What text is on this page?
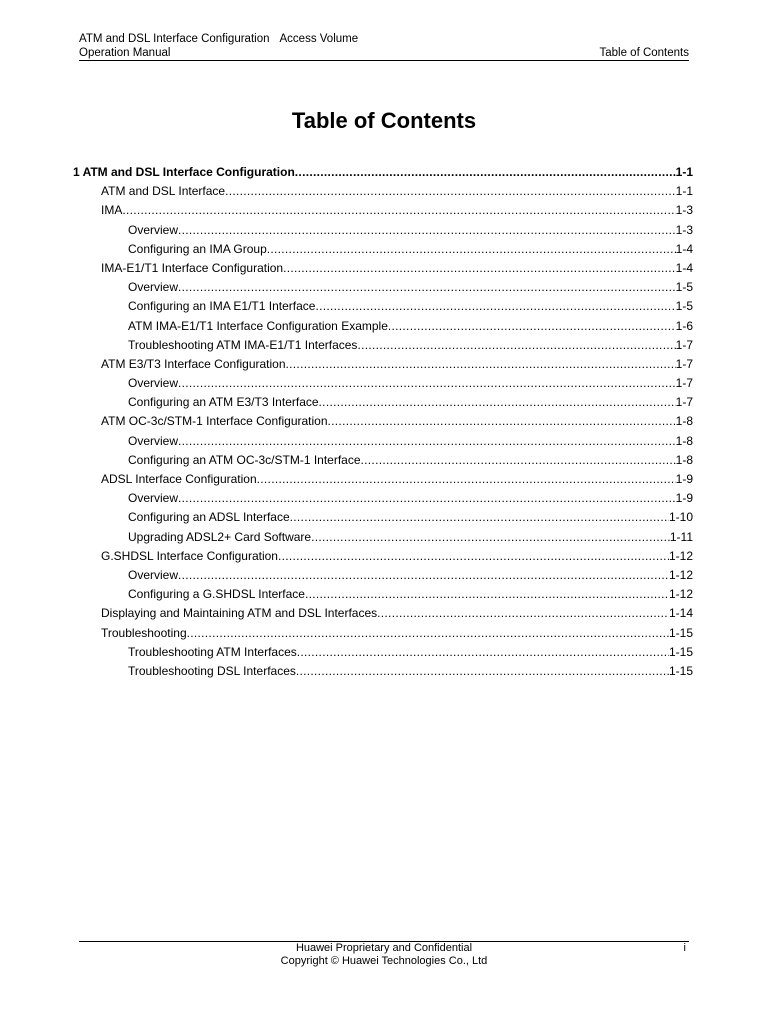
ATM and DSL Interface Configuration Access Volume
Operation Manual	Table of Contents
Table of Contents
1 ATM and DSL Interface Configuration .....	1-1
ATM and DSL Interface .....	1-1
IMA .....	1-3
Overview .....	1-3
Configuring an IMA Group .....	1-4
IMA-E1/T1 Interface Configuration .....	1-4
Overview .....	1-5
Configuring an IMA E1/T1 Interface .....	1-5
ATM IMA-E1/T1 Interface Configuration Example .....	1-6
Troubleshooting ATM IMA-E1/T1 Interfaces .....	1-7
ATM E3/T3 Interface Configuration .....	1-7
Overview .....	1-7
Configuring an ATM E3/T3 Interface .....	1-7
ATM OC-3c/STM-1 Interface Configuration .....	1-8
Overview .....	1-8
Configuring an ATM OC-3c/STM-1 Interface .....	1-8
ADSL Interface Configuration .....	1-9
Overview .....	1-9
Configuring an ADSL Interface .....	1-10
Upgrading ADSL2+ Card Software .....	1-11
G.SHDSL Interface Configuration .....	1-12
Overview .....	1-12
Configuring a G.SHDSL Interface .....	1-12
Displaying and Maintaining ATM and DSL Interfaces .....	1-14
Troubleshooting .....	1-15
Troubleshooting ATM Interfaces .....	1-15
Troubleshooting DSL Interfaces .....	1-15
Huawei Proprietary and Confidential
Copyright © Huawei Technologies Co., Ltd
i
